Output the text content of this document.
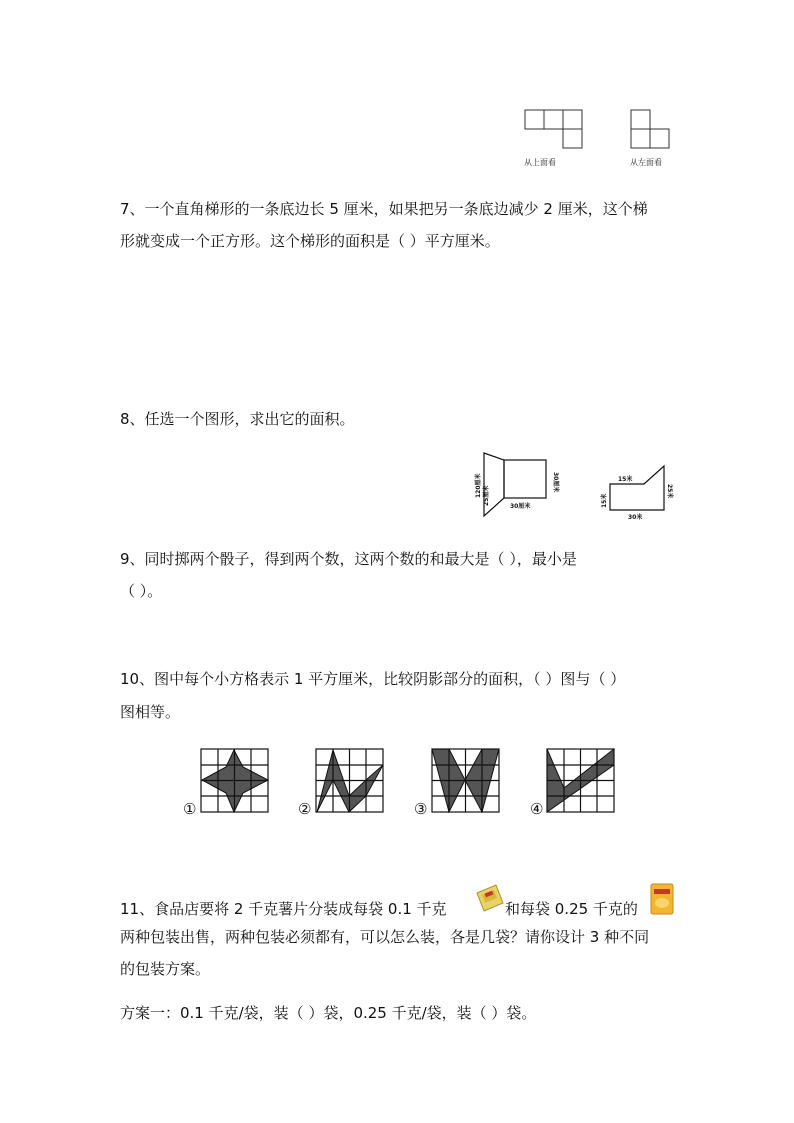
从上面看	从左面看
7、一个直角梯形的一条底边长 5 厘米，如果把另一条底边减少 2 厘米，这个梯
形就变成一个正方形。这个梯形的面积是（ ）平方厘米。
8、任选一个图形，求出它的面积。
120厘米 25厘米
30厘米
30厘米	15米
15米
25米
30米
9、同时掷两个骰子，得到两个数，这两个数的和最大是（ ），最小是
（ ）。
10、图中每个小方格表示 1 平方厘米，比较阴影部分的面积，（ ）图与（ ）
图相等。
①	②	③	④
11、食品店要将 2 千克薯片分装成每袋 0.1 千克	和每袋 0.25 千克的
两种包装出售，两种包装必须都有，可以怎么装，各是几袋？请你设计 3 种不同
的包装方案。
方案一：0.1 千克/袋，装（ ）袋，0.25 千克/袋，装（ ）袋。
